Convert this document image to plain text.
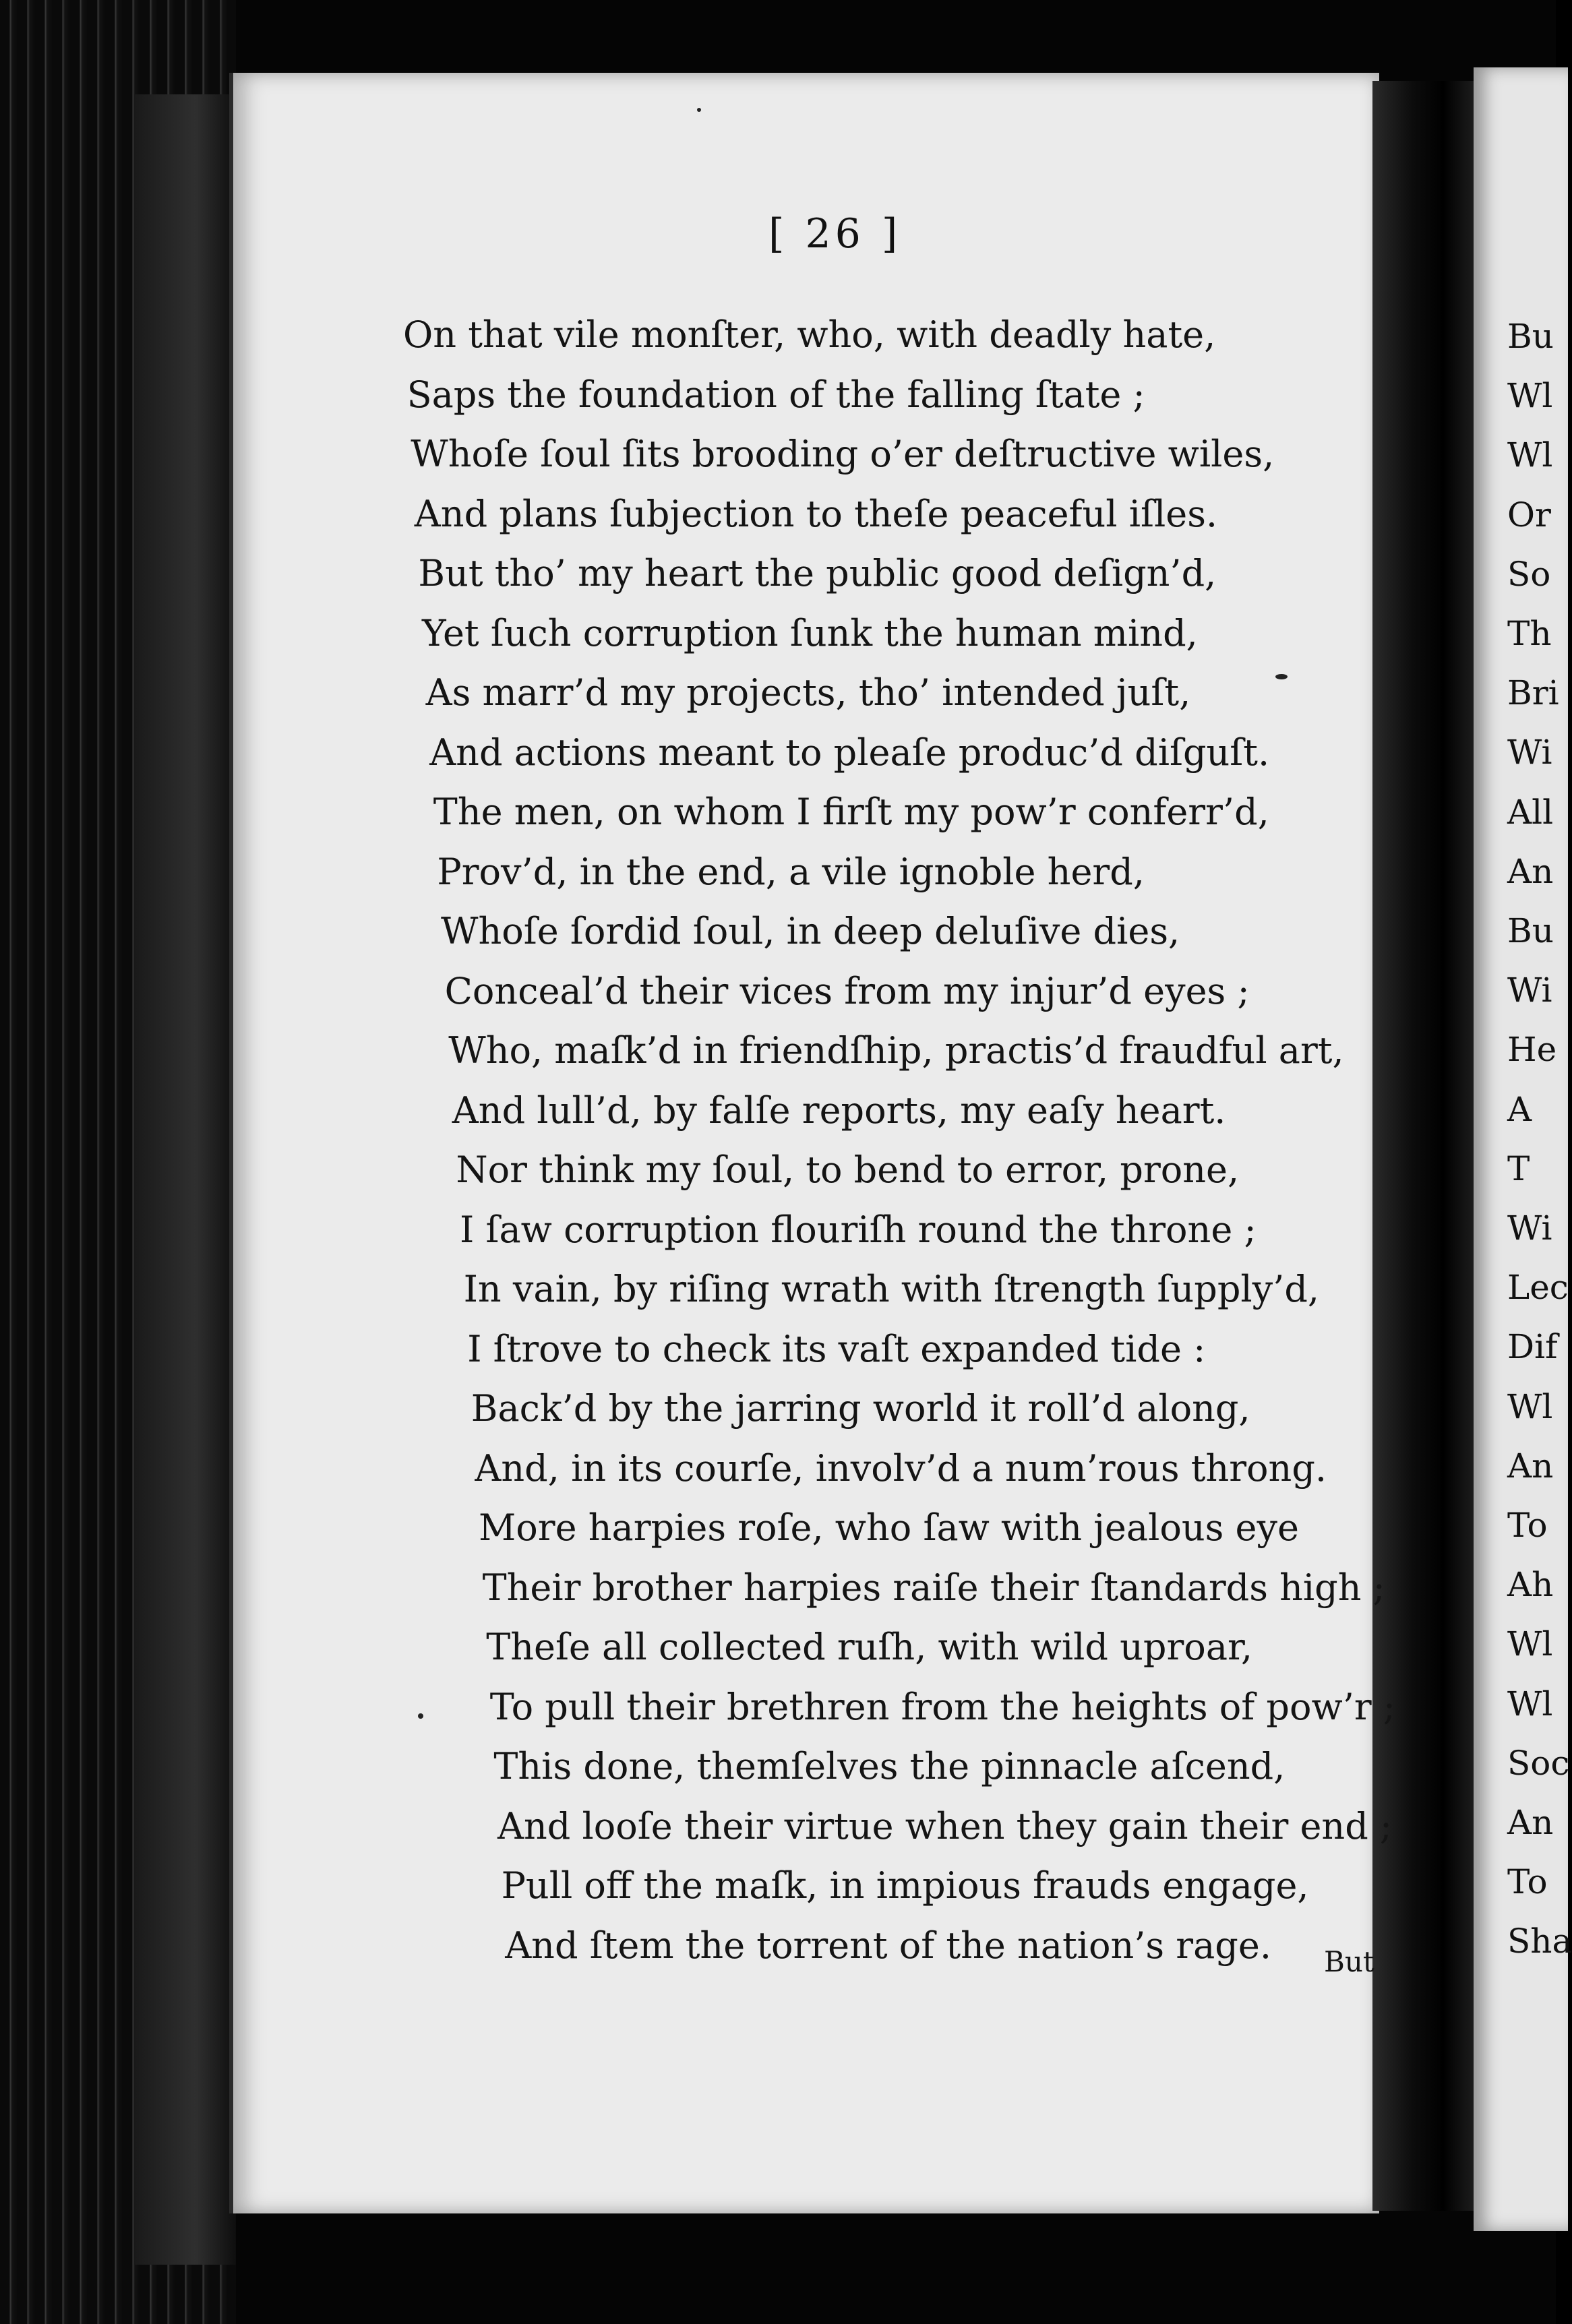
Bu
Wl
Wl
Or
So
Th
Bri
Wi
All
An
Bu
Wi
He
A
T
Wi
Lec
Dif
Wl
An
To
Ah
Wl
Wl
Soc
An
To
Sha
[ 26 ]
On that vile monſter, who, with deadly hate,
Saps the foundation of the falling ſtate ;
Whoſe ſoul ſits brooding o’er deſtructive wiles,
And plans ſubjection to theſe peaceful iſles.
But tho’ my heart the public good deſign’d,
Yet ſuch corruption ſunk the human mind,
As marr’d my projects, tho’ intended juſt,
And actions meant to pleaſe produc’d diſguſt.
The men, on whom I firſt my pow’r conferr’d,
Prov’d, in the end, a vile ignoble herd,
Whoſe ſordid ſoul, in deep deluſive dies,
Conceal’d their vices from my injur’d eyes ;
Who, maſk’d in friendſhip, practis’d fraudful art,
And lull’d, by falſe reports, my eaſy heart.
Nor think my ſoul, to bend to error, prone,
I ſaw corruption flouriſh round the throne ;
In vain, by riſing wrath with ſtrength ſupply’d,
I ſtrove to check its vaſt expanded tide :
Back’d by the jarring world it roll’d along,
And, in its courſe, involv’d a num’rous throng.
More harpies roſe, who ſaw with jealous eye
Their brother harpies raiſe their ſtandards high ;
Theſe all collected ruſh, with wild uproar,
To pull their brethren from the heights of pow’r ;
This done, themſelves the pinnacle aſcend,
And looſe their virtue when they gain their end ;
Pull off the maſk, in impious frauds engage,
And ſtem the torrent of the nation’s rage. But
